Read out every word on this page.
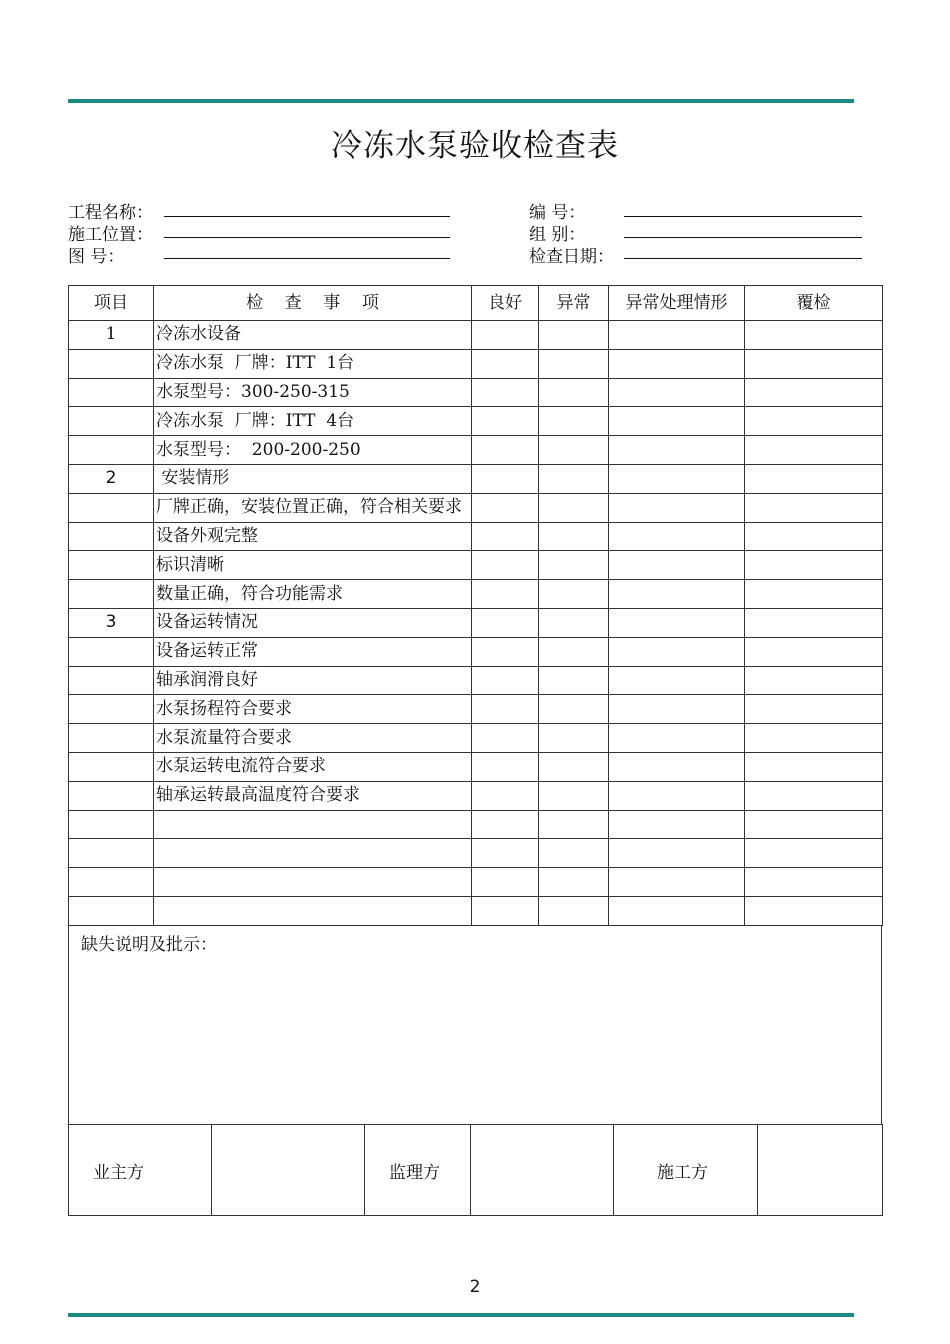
冷冻水泵验收检查表
工程名称：
施工位置：
图 号：
编 号：
组 别：
检查日期：
项目	检    查    事    项	良好	异常	异常处理情形	覆检
1	冷冻水设备				
	冷冻水泵  厂牌：ITT  1台				
	水泵型号：300-250-315				
	冷冻水泵  厂牌：ITT  4台				
	水泵型号：  200-200-250				
2	安装情形				
	厂牌正确，安装位置正确，符合相关要求				
	设备外观完整				
	标识清晰				
	数量正确，符合功能需求				
3	设备运转情况				
	设备运转正常				
	轴承润滑良好				
	水泵扬程符合要求				
	水泵流量符合要求				
	水泵运转电流符合要求				
	轴承运转最高温度符合要求				

缺失说明及批示：
业主方		监理方		施工方	
2
